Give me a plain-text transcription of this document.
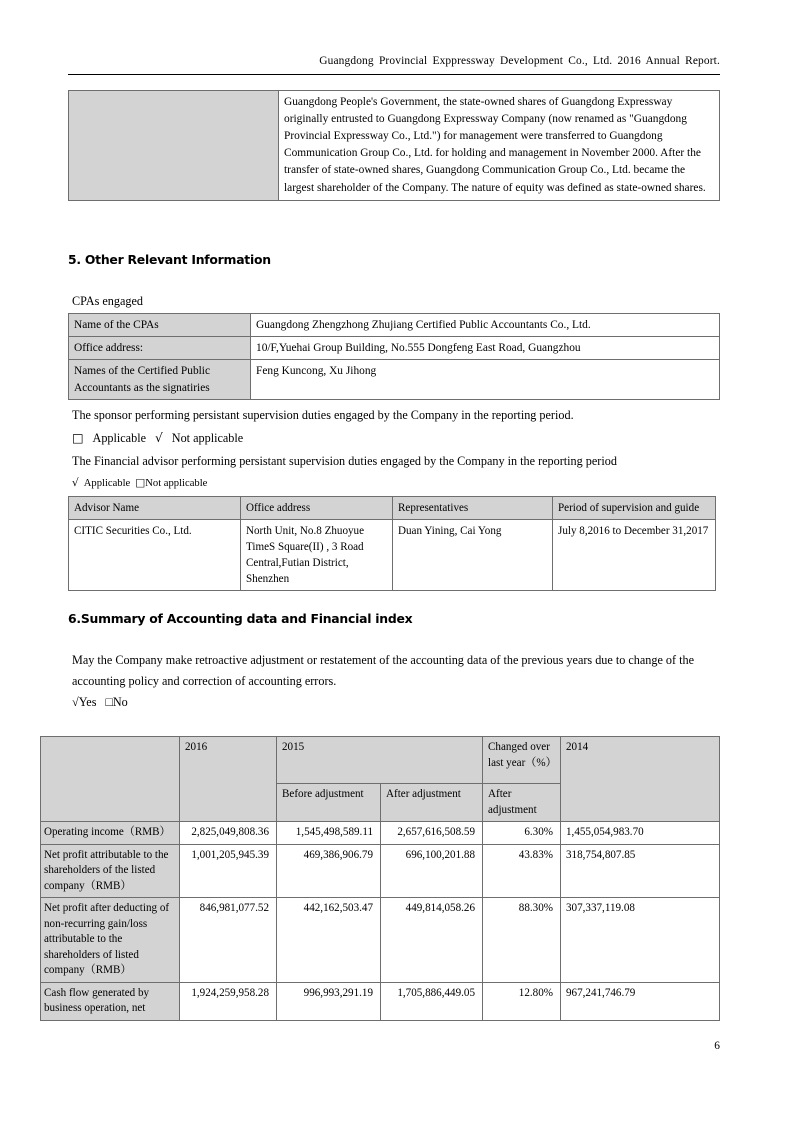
Guangdong Provincial Exppressway Development Co., Ltd. 2016 Annual Report.
	Guangdong People's Government, the state-owned shares of Guangdong Expressway originally entrusted to Guangdong Expressway Company (now renamed as "Guangdong Provincial Expressway Co., Ltd.") for management were transferred to Guangdong Communication Group Co., Ltd. for holding and management in November 2000. After the transfer of state-owned shares, Guangdong Communication Group Co., Ltd. became the largest shareholder of the Company. The nature of equity was defined as state-owned shares.
5. Other Relevant Information
CPAs engaged
Name of the CPAs	Guangdong Zhengzhong Zhujiang Certified Public Accountants Co., Ltd.
Office address:	10/F,Yuehai Group Building, No.555 Dongfeng East Road, Guangzhou
Names of the Certified Public Accountants as the signatiries	Feng Kuncong, Xu Jihong
The sponsor performing persistant supervision duties engaged by the Company in the reporting period.
□ Applicable √ Not applicable
The Financial advisor performing persistant supervision duties engaged by the Company in the reporting period
√ Applicable □Not applicable
Advisor Name	Office address	Representatives	Period of supervision and guide
CITIC Securities Co., Ltd.	North Unit, No.8 Zhuoyue TimeS Square(II) , 3 Road Central,Futian District, Shenzhen	Duan Yining, Cai Yong	July 8,2016 to December 31,2017
6.Summary of Accounting data and Financial index
May the Company make retroactive adjustment or restatement of the accounting data of the previous years due to change of the accounting policy and correction of accounting errors.
√Yes □No
	2016	2015		Changed over last year（%）	2014
		Before adjustment	After adjustment	After adjustment	
Operating income（RMB）	2,825,049,808.36	1,545,498,589.11	2,657,616,508.59	6.30%	1,455,054,983.70
Net profit attributable to the shareholders of the listed company（RMB）	1,001,205,945.39	469,386,906.79	696,100,201.88	43.83%	318,754,807.85
Net profit after deducting of non-recurring gain/loss attributable to the shareholders of listed company（RMB）	846,981,077.52	442,162,503.47	449,814,058.26	88.30%	307,337,119.08
Cash flow generated by business operation, net	1,924,259,958.28	996,993,291.19	1,705,886,449.05	12.80%	967,241,746.79
6
